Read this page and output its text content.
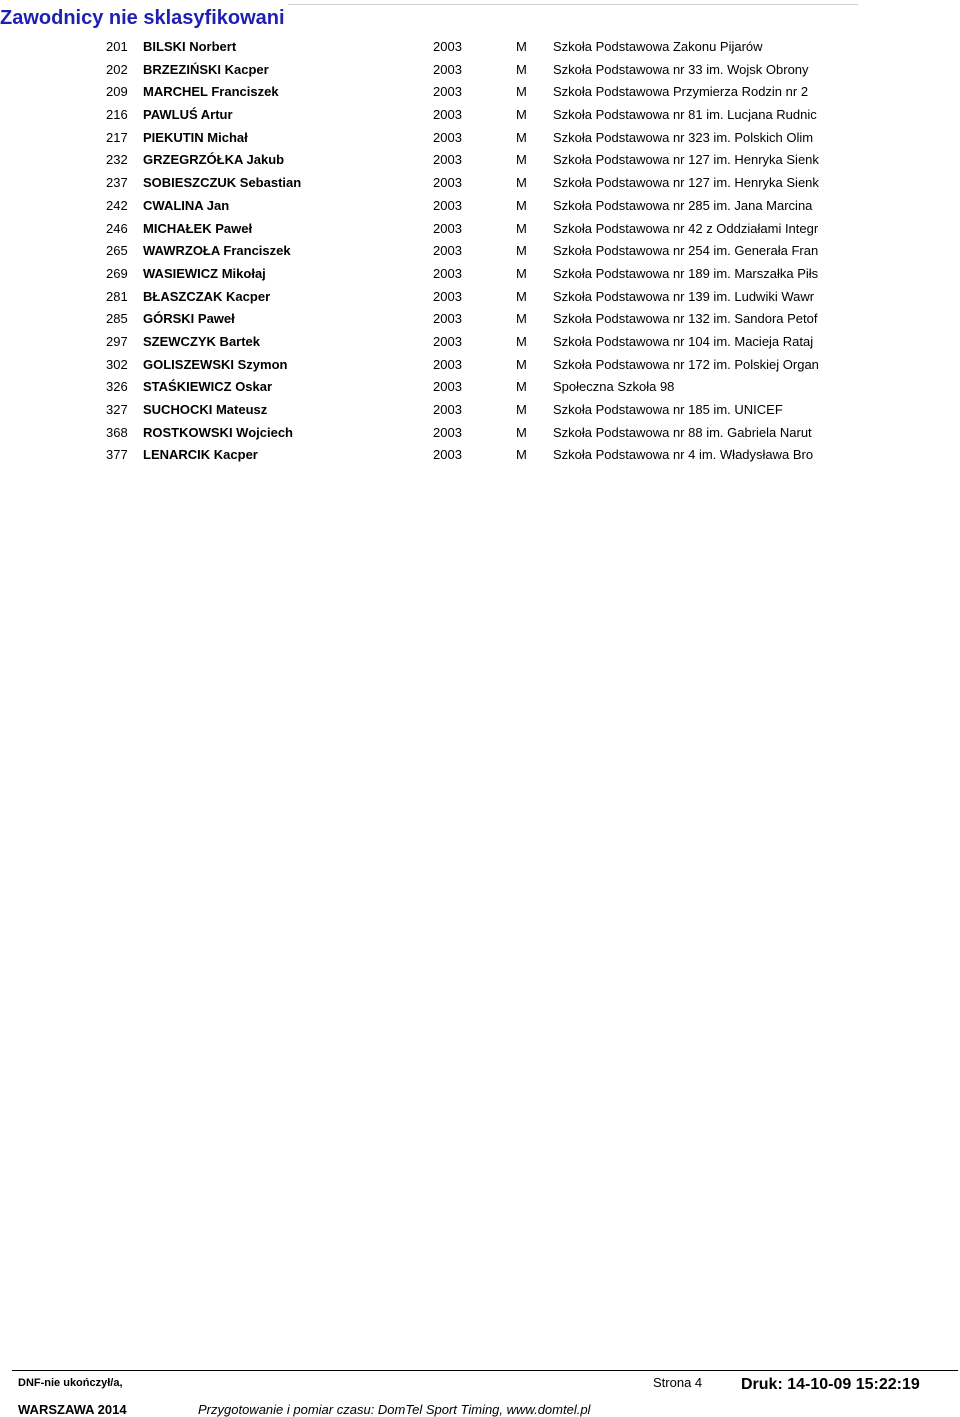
Zawodnicy nie sklasyfikowani
201 BILSKI Norbert	2003	M Szkoła Podstawowa Zakonu Pijarów
202 BRZEZIŃSKI Kacper	2003	M Szkoła Podstawowa nr 33 im. Wojsk Obrony
209 MARCHEL Franciszek	2003	M Szkoła Podstawowa Przymierza Rodzin nr 2
216 PAWLUŚ Artur	2003	M Szkoła Podstawowa nr 81 im. Lucjana Rudnic
217 PIEKUTIN Michał	2003	M Szkoła Podstawowa nr 323 im. Polskich Olim
232 GRZEGRZÓŁKA Jakub	2003	M Szkoła Podstawowa nr 127 im. Henryka Sienk
237 SOBIESZCZUK Sebastian	2003	M Szkoła Podstawowa nr 127 im. Henryka Sienk
242 CWALINA Jan	2003	M Szkoła Podstawowa nr 285 im. Jana Marcina
246 MICHAŁEK Paweł	2003	M Szkoła Podstawowa nr 42 z Oddziałami Integr
265 WAWRZOŁA Franciszek	2003	M Szkoła Podstawowa nr 254 im. Generała Fran
269 WASIEWICZ Mikołaj	2003	M Szkoła Podstawowa nr 189 im. Marszałka Piłs
281 BŁASZCZAK Kacper	2003	M Szkoła Podstawowa nr 139 im. Ludwiki Wawr
285 GÓRSKI Paweł	2003	M Szkoła Podstawowa nr 132 im. Sandora Petof
297 SZEWCZYK Bartek	2003	M Szkoła Podstawowa nr 104 im. Macieja Rataj
302 GOLISZEWSKI Szymon	2003	M Szkoła Podstawowa nr 172 im. Polskiej Organ
326 STAŚKIEWICZ Oskar	2003	M Społeczna Szkoła 98
327 SUCHOCKI Mateusz	2003	M Szkoła Podstawowa nr 185 im. UNICEF
368 ROSTKOWSKI Wojciech	2003	M Szkoła Podstawowa nr 88 im. Gabriela Narut
377 LENARCIK Kacper	2003	M Szkoła Podstawowa nr 4 im. Władysława Bro
DNF-nie ukończył/a,	Strona 4 Druk: 14-10-09 15:22:19
WARSZAWA 2014	Przygotowanie i pomiar czasu: DomTel Sport Timing, www.domtel.pl
